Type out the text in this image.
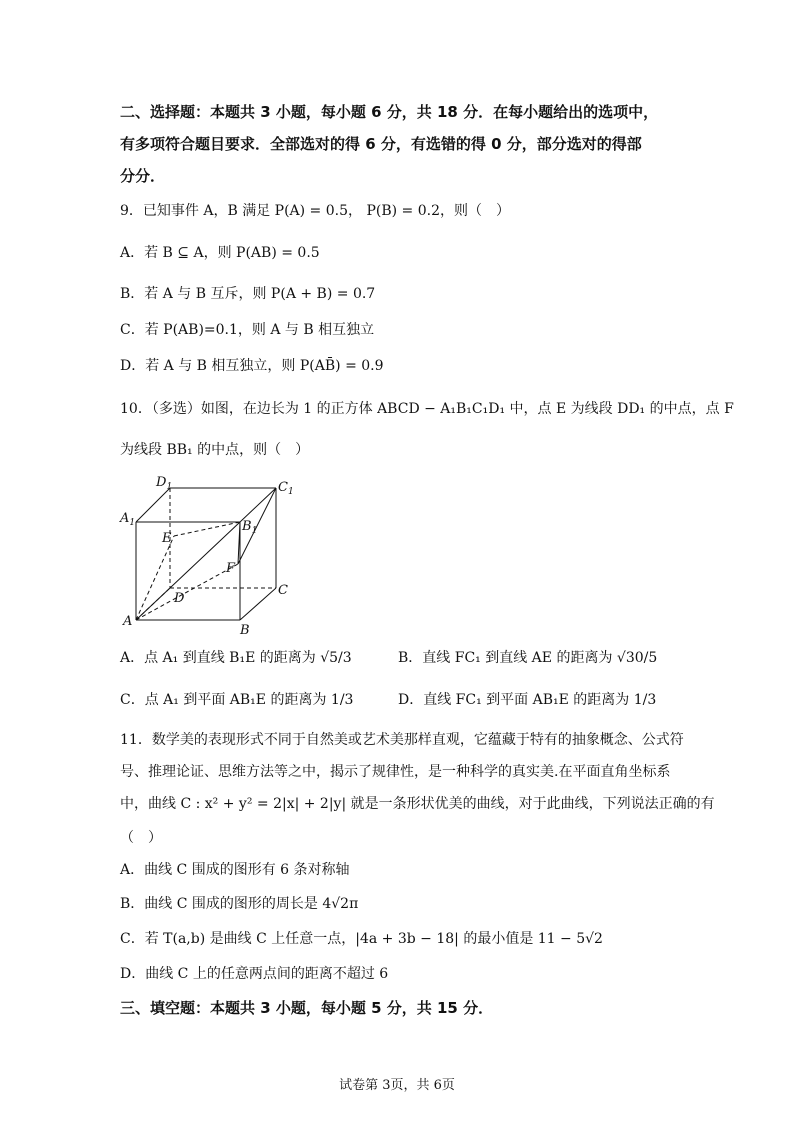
二、选择题：本题共 3 小题，每小题 6 分，共 18 分．在每小题给出的选项中，
有多项符合题目要求．全部选对的得 6 分，有选错的得 0 分，部分选对的得部
分分．
9．已知事件 A，B 满足 P(A) = 0.5， P(B) = 0.2，则（　）
A．若 B ⊆ A，则 P(AB) = 0.5
B．若 A 与 B 互斥，则 P(A + B) = 0.7
C．若 P(AB)=0.1，则 A 与 B 相互独立
D．若 A 与 B 相互独立，则 P(AB̄) = 0.9
10．（多选）如图，在边长为 1 的正方体 ABCD − A₁B₁C₁D₁ 中，点 E 为线段 DD₁ 的中点，点 F
为线段 BB₁ 的中点，则（　）
$D_1$	$C_1$
$A_1$	$B_1$
E
F
D
C
A
B
A．点 A₁ 到直线 B₁E 的距离为 √5/3	B．直线 FC₁ 到直线 AE 的距离为 √30/5
C．点 A₁ 到平面 AB₁E 的距离为 1/3	D．直线 FC₁ 到平面 AB₁E 的距离为 1/3
11．数学美的表现形式不同于自然美或艺术美那样直观，它蕴藏于特有的抽象概念、公式符
号、推理论证、思维方法等之中，揭示了规律性，是一种科学的真实美.在平面直角坐标系
中，曲线 C : x² + y² = 2|x| + 2|y| 就是一条形状优美的曲线，对于此曲线，下列说法正确的有
（　）
A．曲线 C 围成的图形有 6 条对称轴
B．曲线 C 围成的图形的周长是 4√2π
C．若 T(a,b) 是曲线 C 上任意一点，|4a + 3b − 18| 的最小值是 11 − 5√2
D．曲线 C 上的任意两点间的距离不超过 6
三、填空题：本题共 3 小题，每小题 5 分，共 15 分．
试卷第 3页，共 6页
